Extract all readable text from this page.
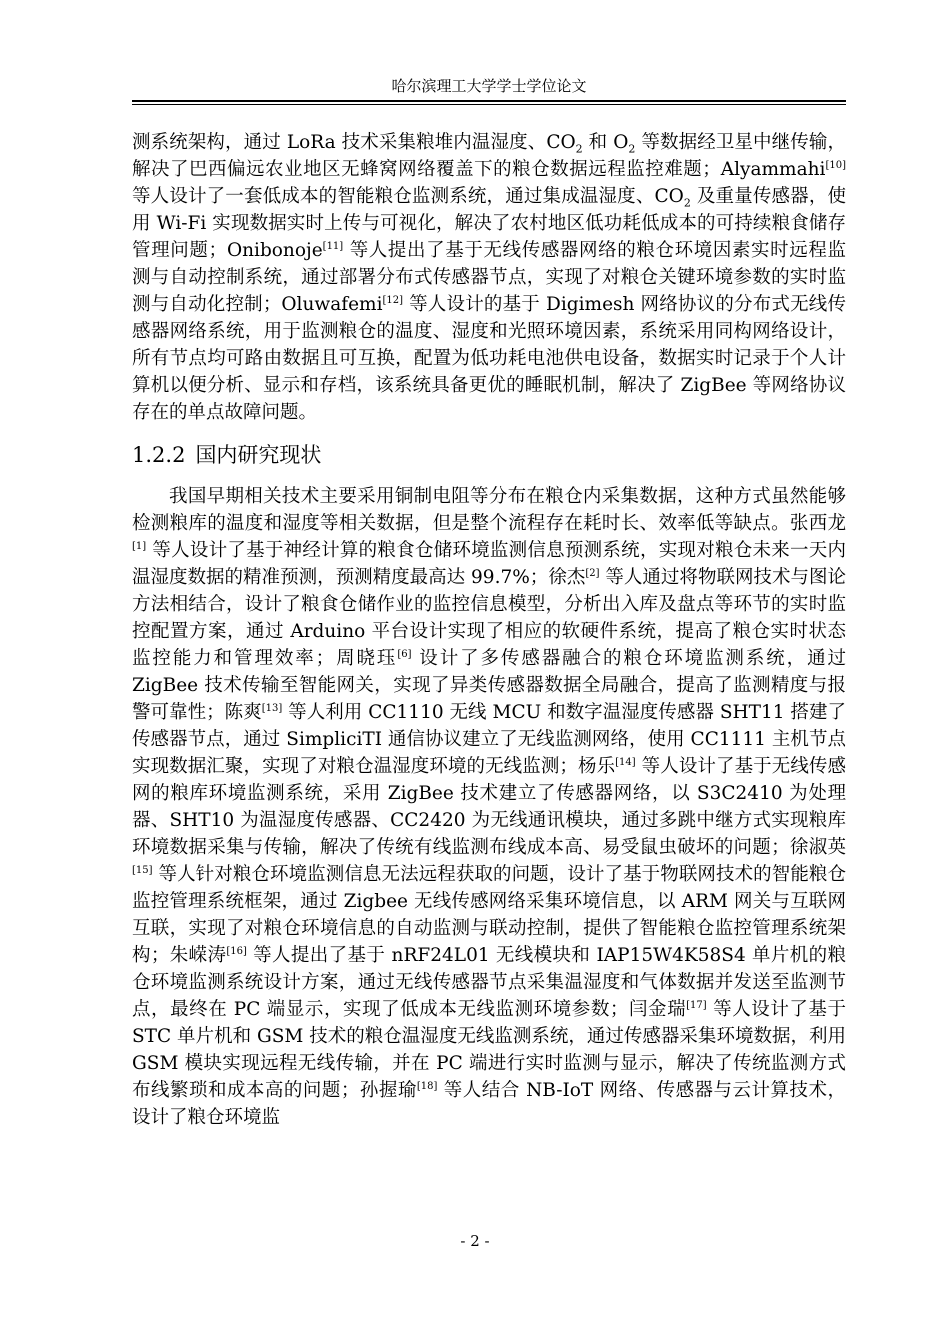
哈尔滨理工大学学士学位论文

测系统架构，通过 LoRa 技术采集粮堆内温湿度、$CO_2$ 和 $O_2$ 等数据经卫星中继传输，解决了巴西偏远农业地区无蜂窝网络覆盖下的粮仓数据远程监控难题；Alyammahi[10] 等人设计了一套低成本的智能粮仓监测系统，通过集成温湿度、$CO_2$ 及重量传感器，使用 Wi-Fi 实现数据实时上传与可视化，解决了农村地区低功耗低成本的可持续粮食储存管理问题；Onibonoje[11] 等人提出了基于无线传感器网络的粮仓环境因素实时远程监测与自动控制系统，通过部署分布式传感器节点，实现了对粮仓关键环境参数的实时监测与自动化控制；Oluwafemi[12] 等人设计的基于 Digimesh 网络协议的分布式无线传感器网络系统，用于监测粮仓的温度、湿度和光照环境因素，系统采用同构网络设计，所有节点均可路由数据且可互换，配置为低功耗电池供电设备，数据实时记录于个人计算机以便分析、显示和存档，该系统具备更优的睡眠机制，解决了 ZigBee 等网络协议存在的单点故障问题。

1.2.2 国内研究现状

我国早期相关技术主要采用铜制电阻等分布在粮仓内采集数据，这种方式虽然能够检测粮库的温度和湿度等相关数据，但是整个流程存在耗时长、效率低等缺点。张西龙[1] 等人设计了基于神经计算的粮食仓储环境监测信息预测系统，实现对粮仓未来一天内温湿度数据的精准预测，预测精度最高达 99.7%；徐杰[2] 等人通过将物联网技术与图论方法相结合，设计了粮食仓储作业的监控信息模型，分析出入库及盘点等环节的实时监控配置方案，通过 Arduino 平台设计实现了相应的软硬件系统，提高了粮仓实时状态监控能力和管理效率；周晓珏[6] 设计了多传感器融合的粮仓环境监测系统，通过 ZigBee 技术传输至智能网关，实现了异类传感器数据全局融合，提高了监测精度与报警可靠性；陈爽[13] 等人利用 CC1110 无线 MCU 和数字温湿度传感器 SHT11 搭建了传感器节点，通过 SimpliciTI 通信协议建立了无线监测网络，使用 CC1111 主机节点实现数据汇聚，实现了对粮仓温湿度环境的无线监测；杨乐[14] 等人设计了基于无线传感网的粮库环境监测系统，采用 ZigBee 技术建立了传感器网络，以 S3C2410 为处理器、SHT10 为温湿度传感器、CC2420 为无线通讯模块，通过多跳中继方式实现粮库环境数据采集与传输，解决了传统有线监测布线成本高、易受鼠虫破坏的问题；徐淑英[15] 等人针对粮仓环境监测信息无法远程获取的问题，设计了基于物联网技术的智能粮仓监控管理系统框架，通过 Zigbee 无线传感网络采集环境信息，以 ARM 网关与互联网互联，实现了对粮仓环境信息的自动监测与联动控制，提供了智能粮仓监控管理系统架构；朱嵘涛[16] 等人提出了基于 nRF24L01 无线模块和 IAP15W4K58S4 单片机的粮仓环境监测系统设计方案，通过无线传感器节点采集温湿度和气体数据并发送至监测节点，最终在 PC 端显示，实现了低成本无线监测环境参数；闫金瑞[17] 等人设计了基于 STC 单片机和 GSM 技术的粮仓温湿度无线监测系统，通过传感器采集环境数据，利用 GSM 模块实现远程无线传输，并在 PC 端进行实时监测与显示，解决了传统监测方式布线繁琐和成本高的问题；孙握瑜[18] 等人结合 NB-IoT 网络、传感器与云计算技术，设计了粮仓环境监

- 2 -
